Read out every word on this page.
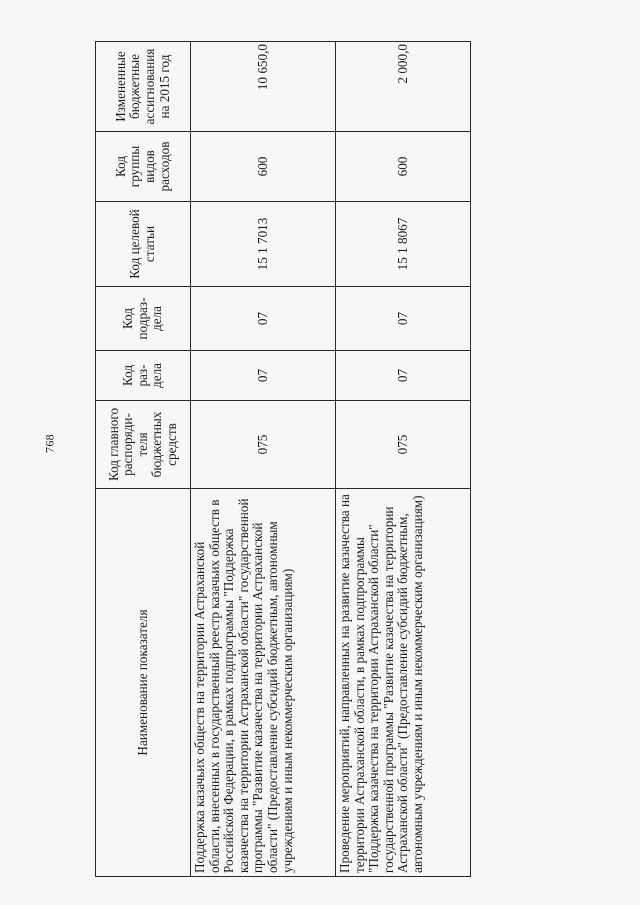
768
Наименование показателя	Код главного распоряди-теля бюджетных средств	Код раз-дела	Код подраз-дела	Код целевой статьи	Код группы видов расходов	Измененные бюджетные ассигнования на 2015 год
Поддержка казачьих обществ на территории Астраханской области, внесенных в государственный реестр казачьих обществ в Российской Федерации, в рамках подпрограммы "Поддержка казачества на территории Астраханской области" государственной программы "Развитие казачества на территории Астраханской области" (Предоставление субсидий бюджетным, автономным учреждениям и иным некоммерческим организациям)	075	07	07	15 1 7013	600	10 650,0
Проведение мероприятий, направленных на развитие казачества на территории Астраханской области, в рамках подпрограммы "Поддержка казачества на территории Астраханской области" государственной программы "Развитие казачества на территории Астраханской области" (Предоставление субсидий бюджетным, автономным учреждениям и иным некоммерческим организациям)	075	07	07	15 1 8067	600	2 000,0
